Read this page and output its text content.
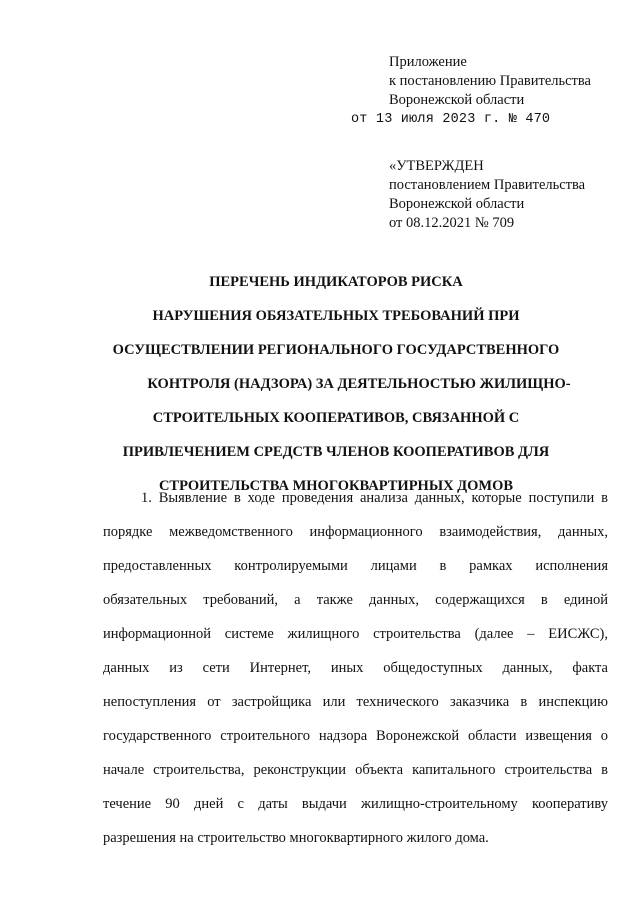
Приложение
к постановлению Правительства
Воронежской области
от 13 июля 2023 г. № 470
«УТВЕРЖДЕН
постановлением Правительства
Воронежской области
от 08.12.2021 № 709
ПЕРЕЧЕНЬ ИНДИКАТОРОВ РИСКА
НАРУШЕНИЯ ОБЯЗАТЕЛЬНЫХ ТРЕБОВАНИЙ ПРИ
ОСУЩЕСТВЛЕНИИ РЕГИОНАЛЬНОГО ГОСУДАРСТВЕННОГО
КОНТРОЛЯ (НАДЗОРА) ЗА ДЕЯТЕЛЬНОСТЬЮ ЖИЛИЩНО-
СТРОИТЕЛЬНЫХ КООПЕРАТИВОВ, СВЯЗАННОЙ С
ПРИВЛЕЧЕНИЕМ СРЕДСТВ ЧЛЕНОВ КООПЕРАТИВОВ ДЛЯ
СТРОИТЕЛЬСТВА МНОГОКВАРТИРНЫХ ДОМОВ
1. Выявление в ходе проведения анализа данных, которые поступили в
порядке межведомственного информационного взаимодействия, данных,
предоставленных контролируемыми лицами в рамках исполнения
обязательных требований, а также данных, содержащихся в единой
информационной системе жилищного строительства (далее – ЕИСЖС),
данных из сети Интернет, иных общедоступных данных, факта
непоступления от застройщика или технического заказчика в инспекцию
государственного строительного надзора Воронежской области извещения о
начале строительства, реконструкции объекта капитального строительства в
течение 90 дней с даты выдачи жилищно-строительному кооперативу
разрешения на строительство многоквартирного жилого дома.
